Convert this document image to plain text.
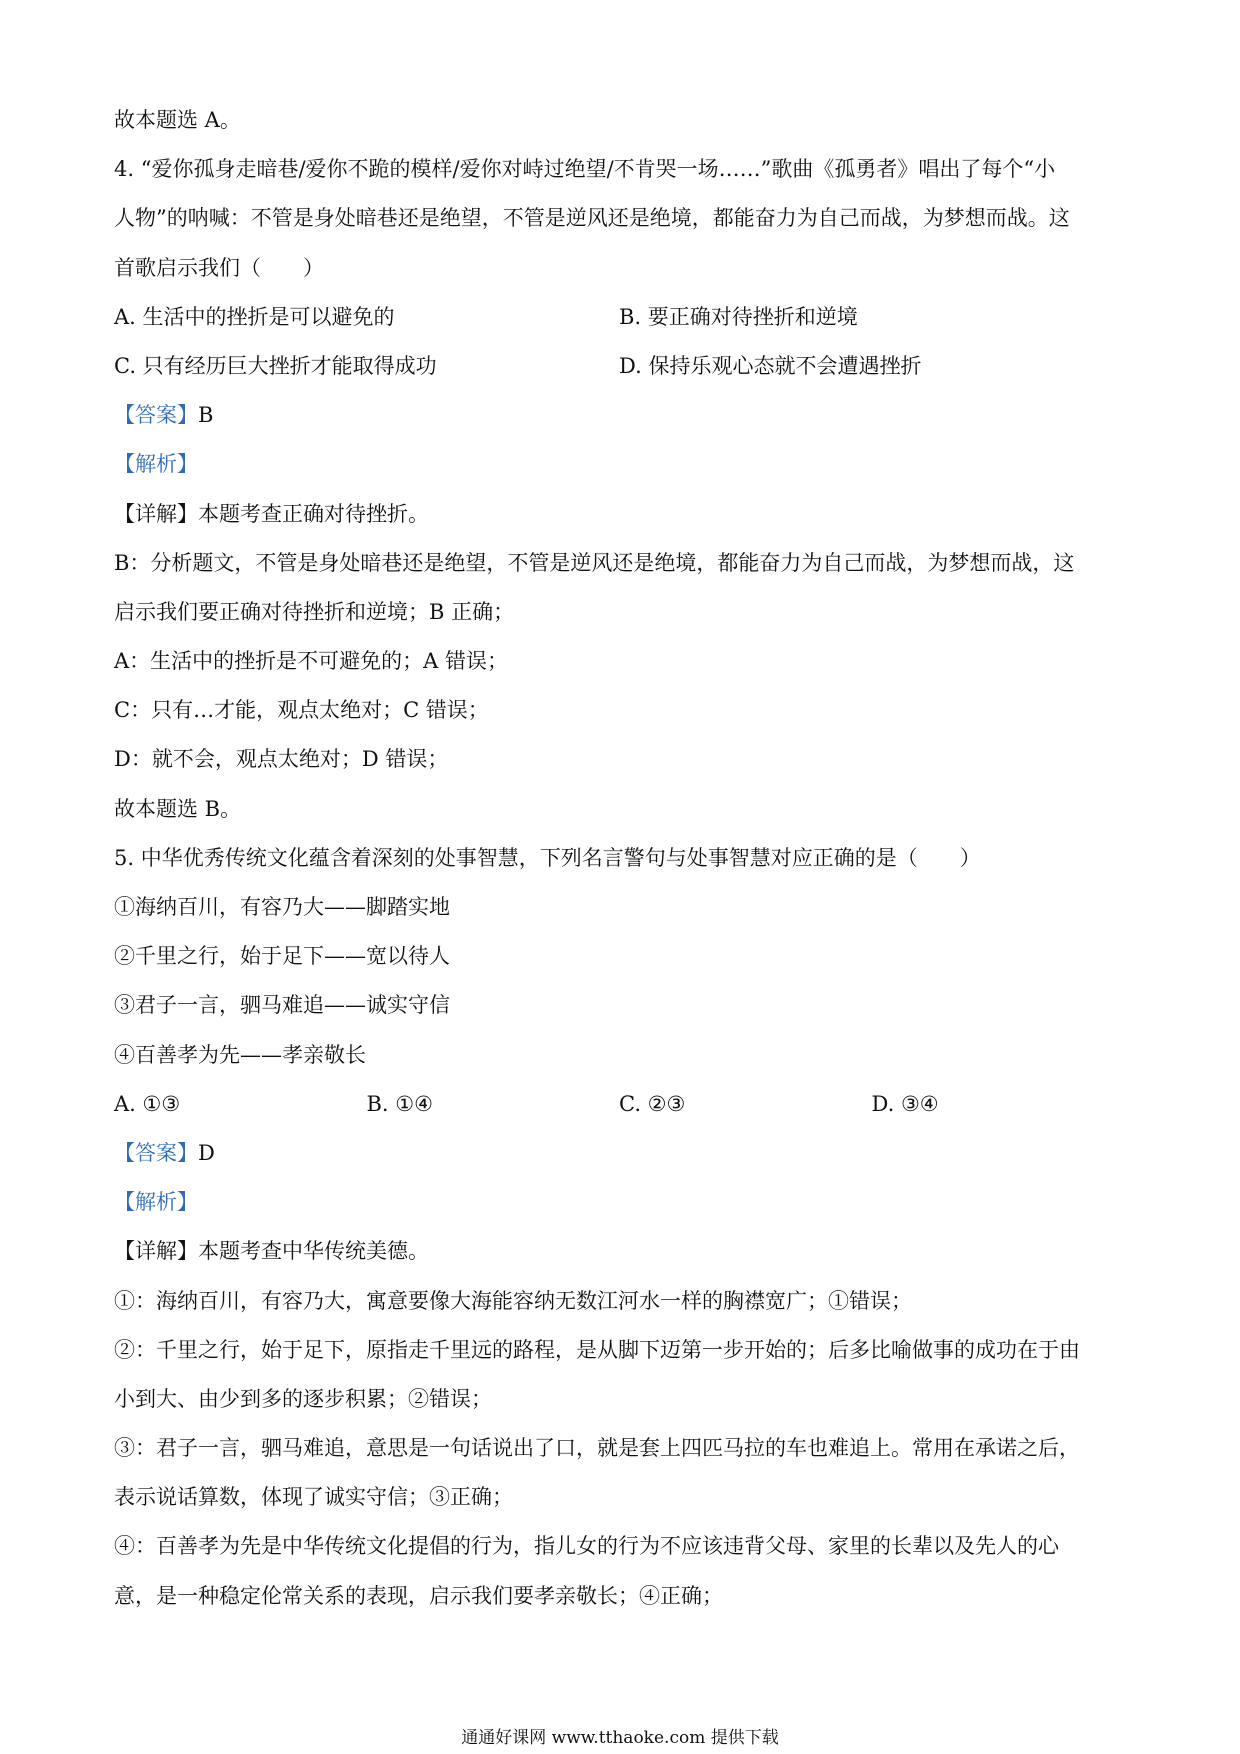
故本题选 A。
4. “爱你孤身走暗巷/爱你不跪的模样/爱你对峙过绝望/不肯哭一场……”歌曲《孤勇者》唱出了每个“小
人物”的呐喊：不管是身处暗巷还是绝望，不管是逆风还是绝境，都能奋力为自己而战，为梦想而战。这
首歌启示我们（　　）
A. 生活中的挫折是可以避免的	B. 要正确对待挫折和逆境
C. 只有经历巨大挫折才能取得成功	D. 保持乐观心态就不会遭遇挫折
【答案】B
【解析】
【详解】本题考查正确对待挫折。
B：分析题文，不管是身处暗巷还是绝望，不管是逆风还是绝境，都能奋力为自己而战，为梦想而战，这
启示我们要正确对待挫折和逆境；B 正确；
A：生活中的挫折是不可避免的；A 错误；
C：只有…才能，观点太绝对；C 错误；
D：就不会，观点太绝对；D 错误；
故本题选 B。
5. 中华优秀传统文化蕴含着深刻的处事智慧，下列名言警句与处事智慧对应正确的是（　　）
①海纳百川，有容乃大——脚踏实地
②千里之行，始于足下——宽以待人
③君子一言，驷马难追——诚实守信
④百善孝为先——孝亲敬长
A. ①③	B. ①④	C. ②③	D. ③④
【答案】D
【解析】
【详解】本题考查中华传统美德。
①：海纳百川，有容乃大，寓意要像大海能容纳无数江河水一样的胸襟宽广；①错误；
②：千里之行，始于足下，原指走千里远的路程，是从脚下迈第一步开始的；后多比喻做事的成功在于由
小到大、由少到多的逐步积累；②错误；
③：君子一言，驷马难追，意思是一句话说出了口，就是套上四匹马拉的车也难追上。常用在承诺之后，
表示说话算数，体现了诚实守信；③正确；
④：百善孝为先是中华传统文化提倡的行为，指儿女的行为不应该违背父母、家里的长辈以及先人的心
意，是一种稳定伦常关系的表现，启示我们要孝亲敬长；④正确；
通通好课网 www.tthaoke.com 提供下载
